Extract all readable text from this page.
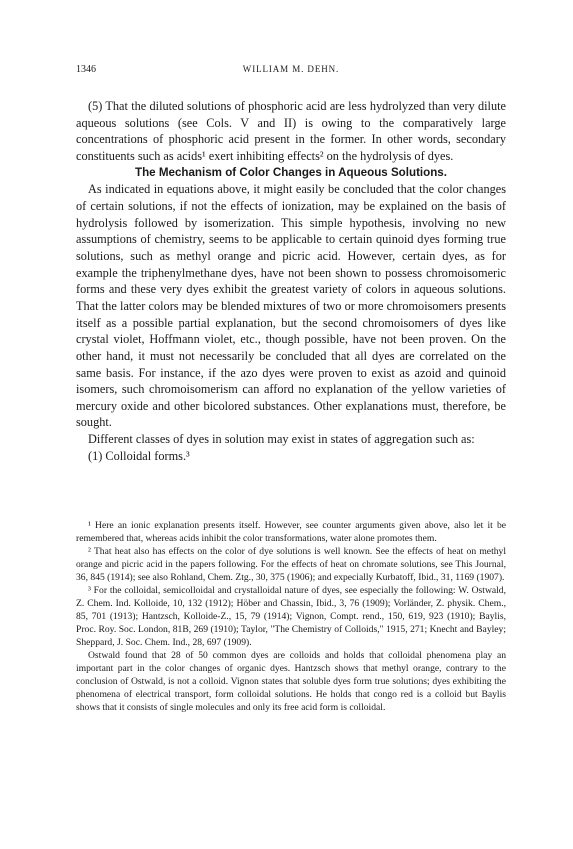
1346	WILLIAM M. DEHN.

(5) That the diluted solutions of phosphoric acid are less hydrolyzed than very dilute aqueous solutions (see Cols. V and II) is owing to the comparatively large concentrations of phosphoric acid present in the former. In other words, secondary constituents such as acids¹ exert inhibiting effects² on the hydrolysis of dyes.

The Mechanism of Color Changes in Aqueous Solutions.

As indicated in equations above, it might easily be concluded that the color changes of certain solutions, if not the effects of ionization, may be explained on the basis of hydrolysis followed by isomerization. This simple hypothesis, involving no new assumptions of chemistry, seems to be applicable to certain quinoid dyes forming true solutions, such as methyl orange and picric acid. However, certain dyes, as for example the triphenylmethane dyes, have not been shown to possess chromoisomeric forms and these very dyes exhibit the greatest variety of colors in aqueous solutions. That the latter colors may be blended mixtures of two or more chromoisomers presents itself as a possible partial explanation, but the second chromoisomers of dyes like crystal violet, Hoffmann violet, etc., though possible, have not been proven. On the other hand, it must not necessarily be concluded that all dyes are correlated on the same basis. For instance, if the azo dyes were proven to exist as azoid and quinoid isomers, such chromoisomerism can afford no explanation of the yellow varieties of mercury oxide and other bicolored substances. Other explanations must, therefore, be sought.

Different classes of dyes in solution may exist in states of aggregation such as:

(1) Colloidal forms.³

¹ Here an ionic explanation presents itself. However, see counter arguments given above, also let it be remembered that, whereas acids inhibit the color transformations, water alone promotes them.

² That heat also has effects on the color of dye solutions is well known. See the effects of heat on methyl orange and picric acid in the papers following. For the effects of heat on chromate solutions, see This Journal, 36, 845 (1914); see also Rohland, Chem. Ztg., 30, 375 (1906); and expecially Kurbatoff, Ibid., 31, 1169 (1907).

³ For the colloidal, semicolloidal and crystalloidal nature of dyes, see especially the following: W. Ostwald, Z. Chem. Ind. Kolloide, 10, 132 (1912); Höber and Chassin, Ibid., 3, 76 (1909); Vorländer, Z. physik. Chem., 85, 701 (1913); Hantzsch, Kolloide-Z., 15, 79 (1914); Vignon, Compt. rend., 150, 619, 923 (1910); Baylis, Proc. Roy. Soc. London, 81B, 269 (1910); Taylor, "The Chemistry of Colloids," 1915, 271; Knecht and Bayley; Sheppard, J. Soc. Chem. Ind., 28, 697 (1909).

Ostwald found that 28 of 50 common dyes are colloids and holds that colloidal phenomena play an important part in the color changes of organic dyes. Hantzsch shows that methyl orange, contrary to the conclusion of Ostwald, is not a colloid. Vignon states that soluble dyes form true solutions; dyes exhibiting the phenomena of electrical transport, form colloidal solutions. He holds that congo red is a colloid but Baylis shows that it consists of single molecules and only its free acid form is colloidal.
